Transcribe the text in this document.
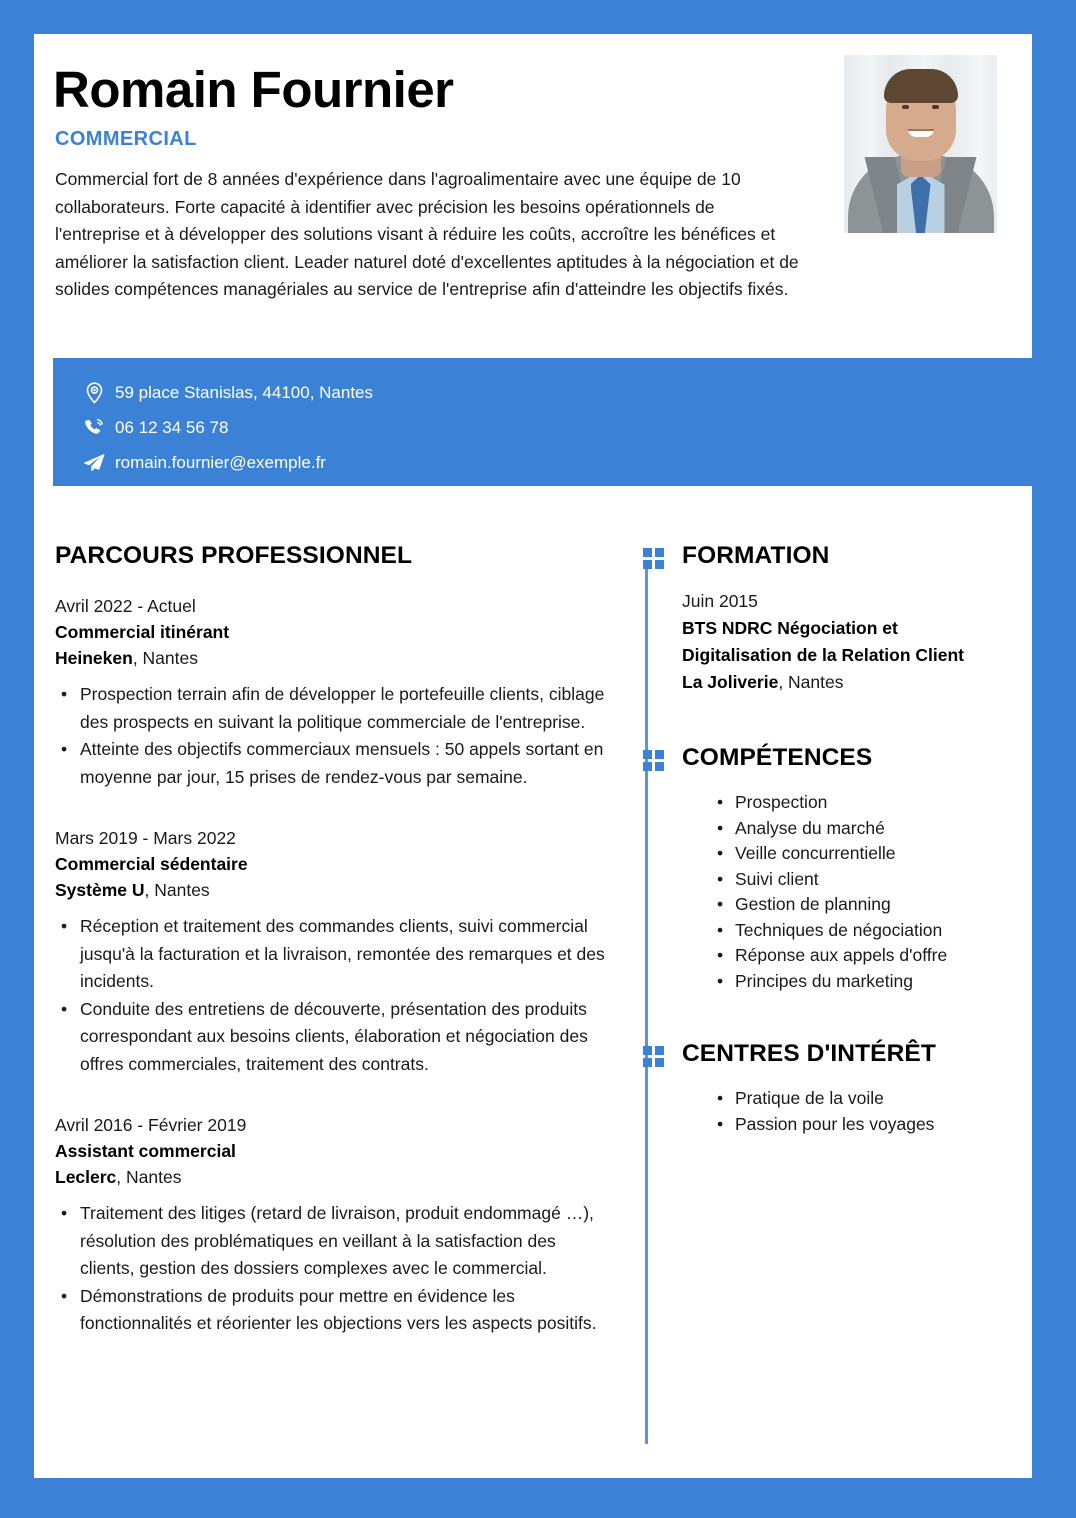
Romain Fournier
COMMERCIAL
Commercial fort de 8 années d'expérience dans l'agroalimentaire avec une équipe de 10 collaborateurs. Forte capacité à identifier avec précision les besoins opérationnels de l'entreprise et à développer des solutions visant à réduire les coûts, accroître les bénéfices et améliorer la satisfaction client. Leader naturel doté d'excellentes aptitudes à la négociation et de solides compétences managériales au service de l'entreprise afin d'atteindre les objectifs fixés.
PARCOURS PROFESSIONNEL
Avril 2022 - Actuel
Commercial itinérant
Heineken, Nantes
• Prospection terrain afin de développer le portefeuille clients, ciblage des prospects en suivant la politique commerciale de l'entreprise.
• Atteinte des objectifs commerciaux mensuels : 50 appels sortant en moyenne par jour, 15 prises de rendez-vous par semaine.
Mars 2019 - Mars 2022
Commercial sédentaire
Système U, Nantes
• Réception et traitement des commandes clients, suivi commercial jusqu'à la facturation et la livraison, remontée des remarques et des incidents.
• Conduite des entretiens de découverte, présentation des produits correspondant aux besoins clients, élaboration et négociation des offres commerciales, traitement des contrats.
Avril 2016 - Février 2019
Assistant commercial
Leclerc, Nantes
• Traitement des litiges (retard de livraison, produit endommagé …), résolution des problématiques en veillant à la satisfaction des clients, gestion des dossiers complexes avec le commercial.
• Démonstrations de produits pour mettre en évidence les fonctionnalités et réorienter les objections vers les aspects positifs.
FORMATION
Juin 2015
BTS NDRC Négociation et
Digitalisation de la Relation Client
La Joliverie, Nantes
COMPÉTENCES
• Prospection
• Analyse du marché
• Veille concurrentielle
• Suivi client
• Gestion de planning
• Techniques de négociation
• Réponse aux appels d'offre
• Principes du marketing
CENTRES D'INTÉRÊT
• Pratique de la voile
• Passion pour les voyages
59 place Stanislas, 44100, Nantes
06 12 34 56 78
romain.fournier@exemple.fr
